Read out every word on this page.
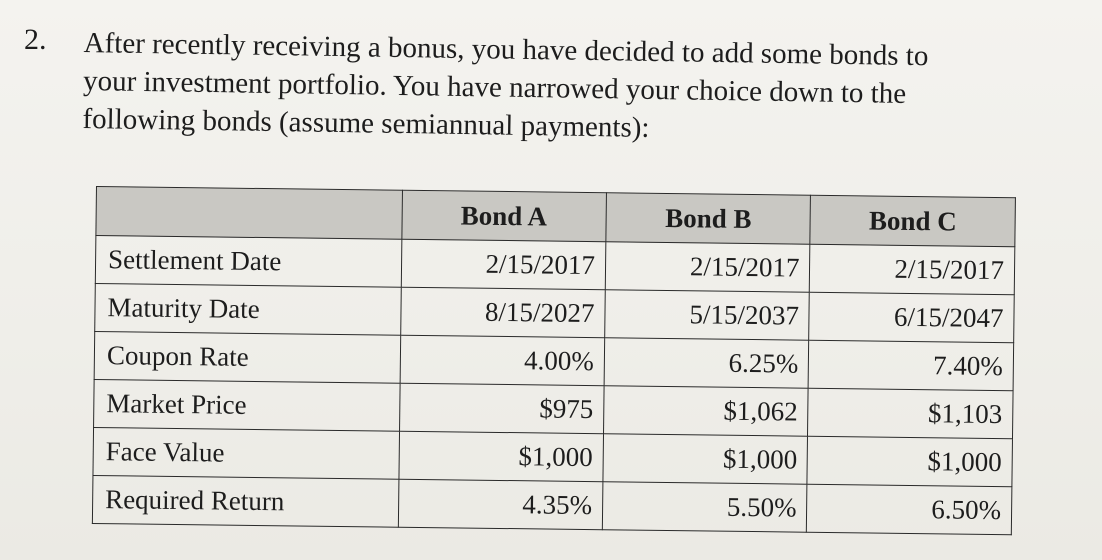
2. After recently receiving a bonus, you have decided to add some bonds to
your investment portfolio. You have narrowed your choice down to the
following bonds (assume semiannual payments):
	Bond A	Bond B	Bond C
Settlement Date	2/15/2017	2/15/2017	2/15/2017
Maturity Date	8/15/2027	5/15/2037	6/15/2047
Coupon Rate	4.00%	6.25%	7.40%
Market Price	$975	$1,062	$1,103
Face Value	$1,000	$1,000	$1,000
Required Return	4.35%	5.50%	6.50%
